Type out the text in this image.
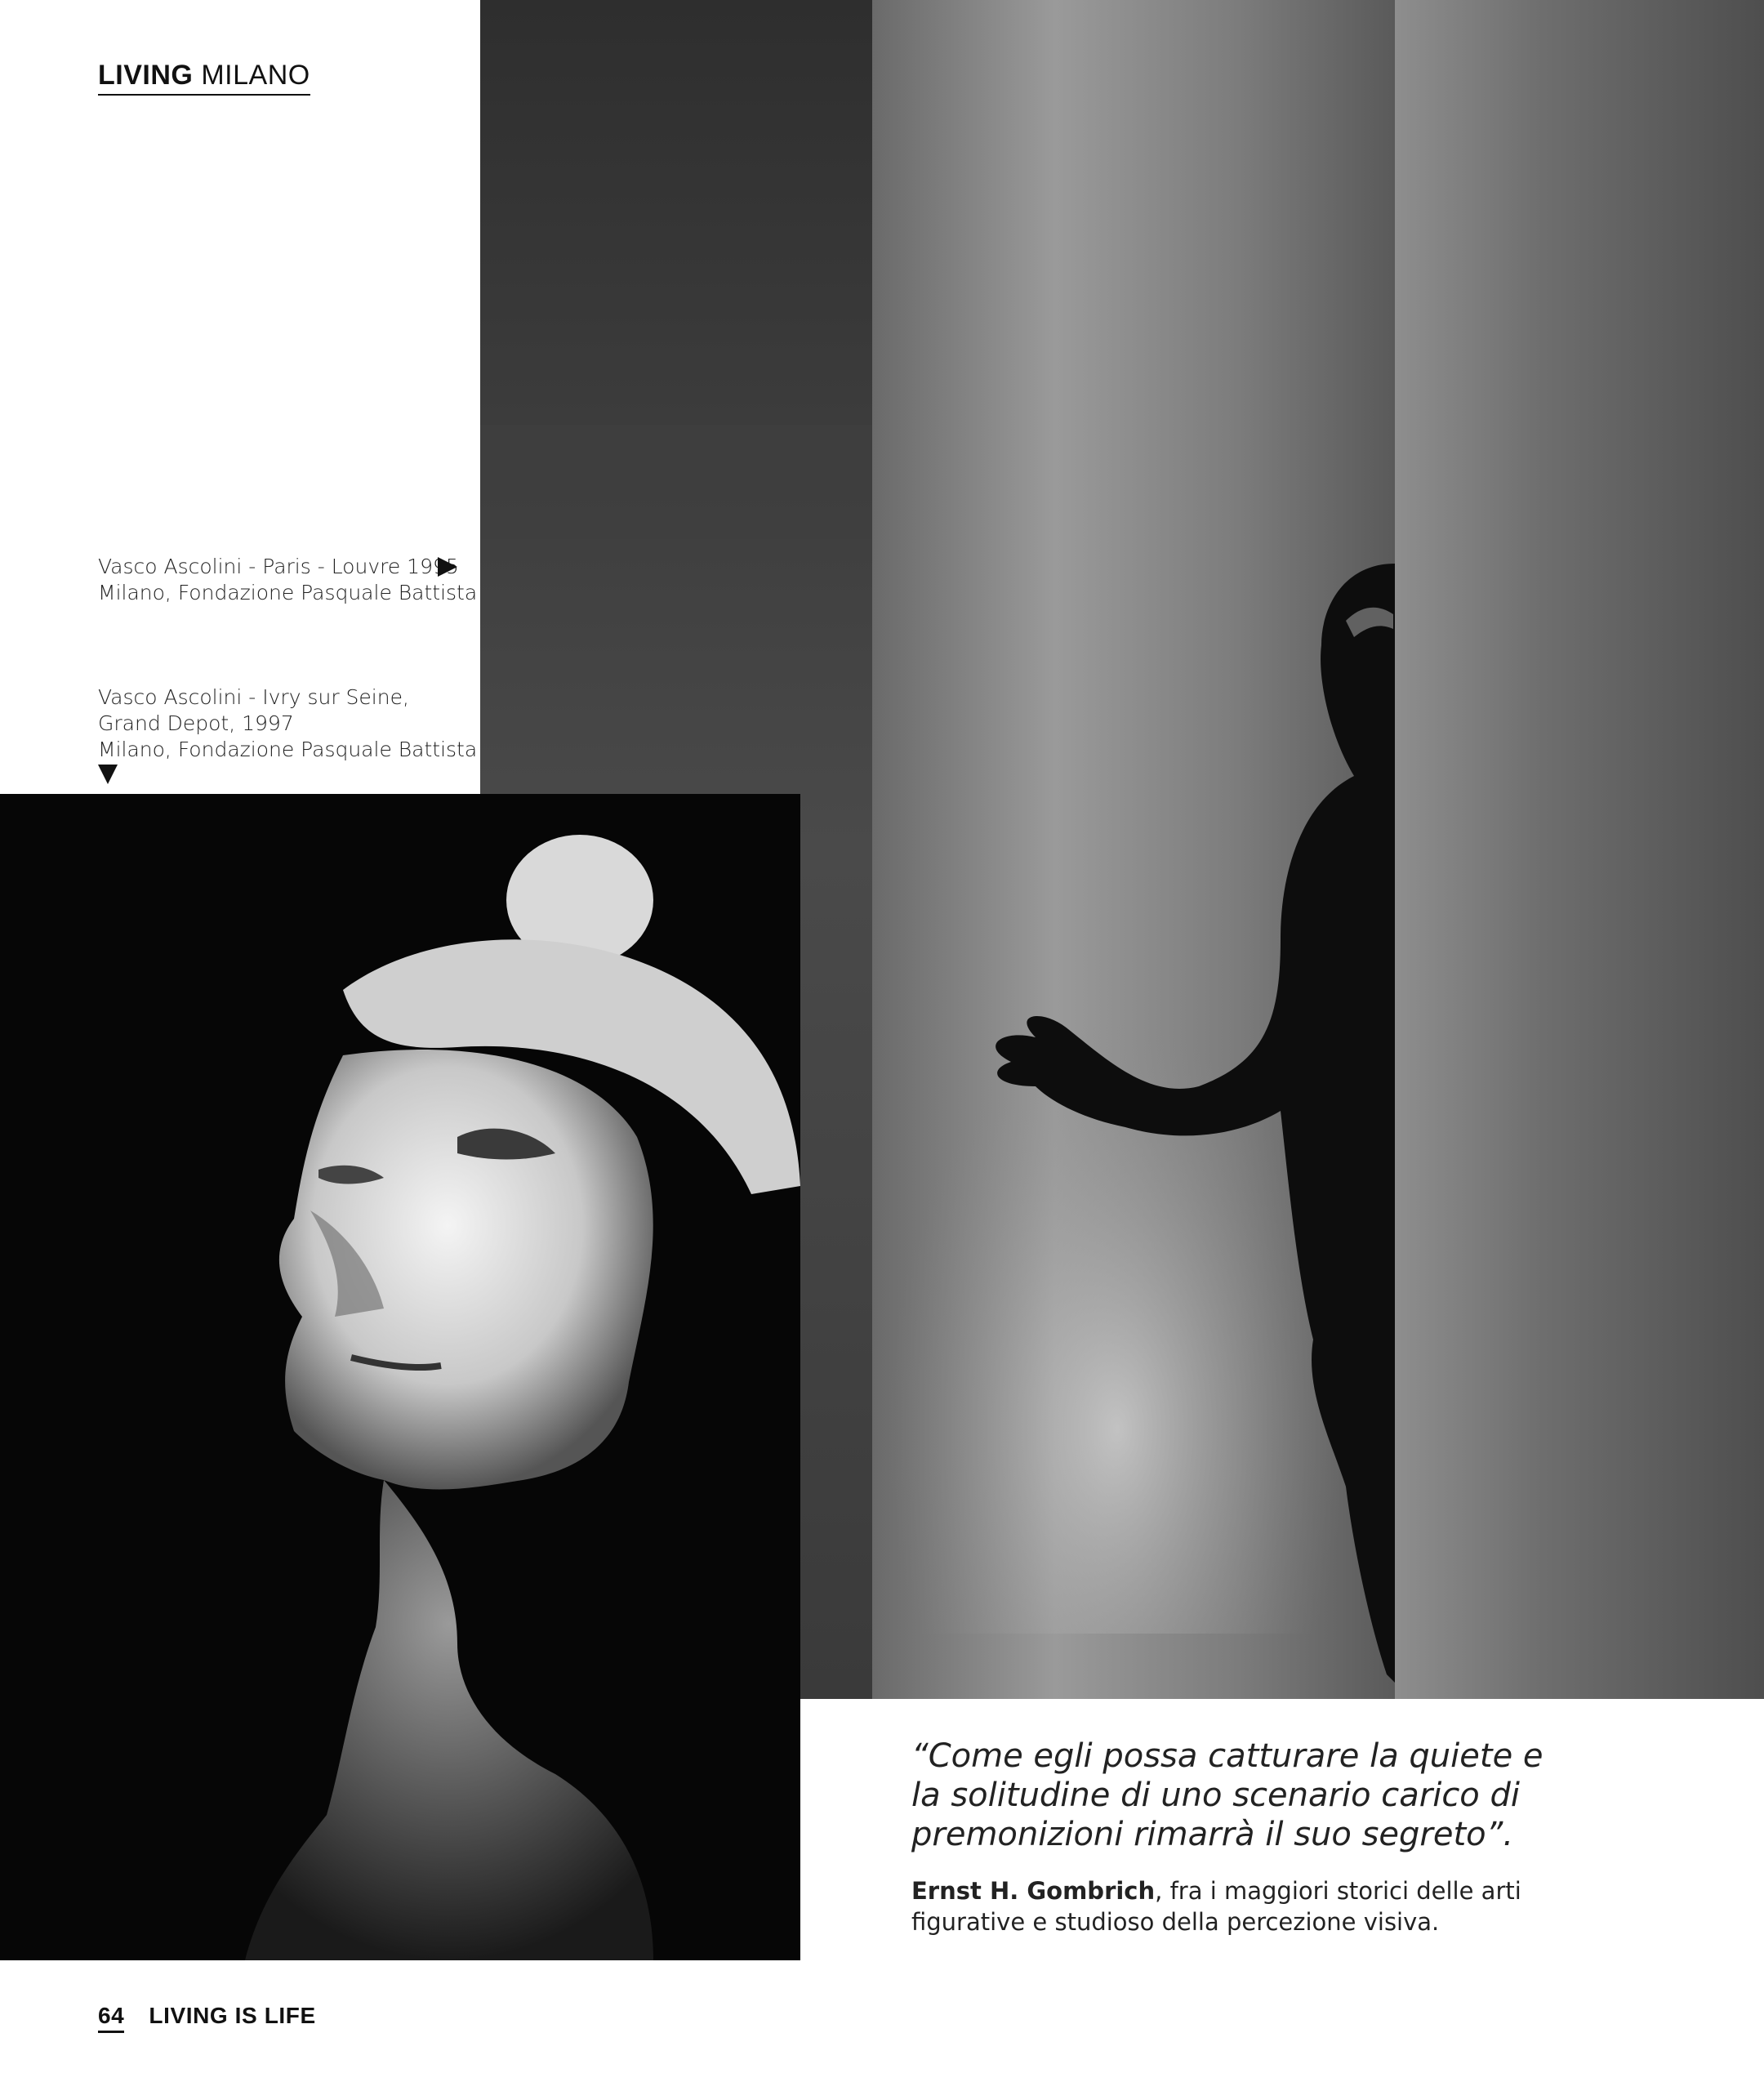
LIVING MILANO
Vasco Ascolini - Paris - Louvre 1995
Milano, Fondazione Pasquale Battista
Vasco Ascolini - Ivry sur Seine,
Grand Depot, 1997
Milano, Fondazione Pasquale Battista
“Come egli possa catturare la quiete e
la solitudine di uno scenario carico di
premonizioni rimarrà il suo segreto”.
Ernst H. Gombrich, fra i maggiori storici delle arti
figurative e studioso della percezione visiva.
64 LIVING IS LIFE
